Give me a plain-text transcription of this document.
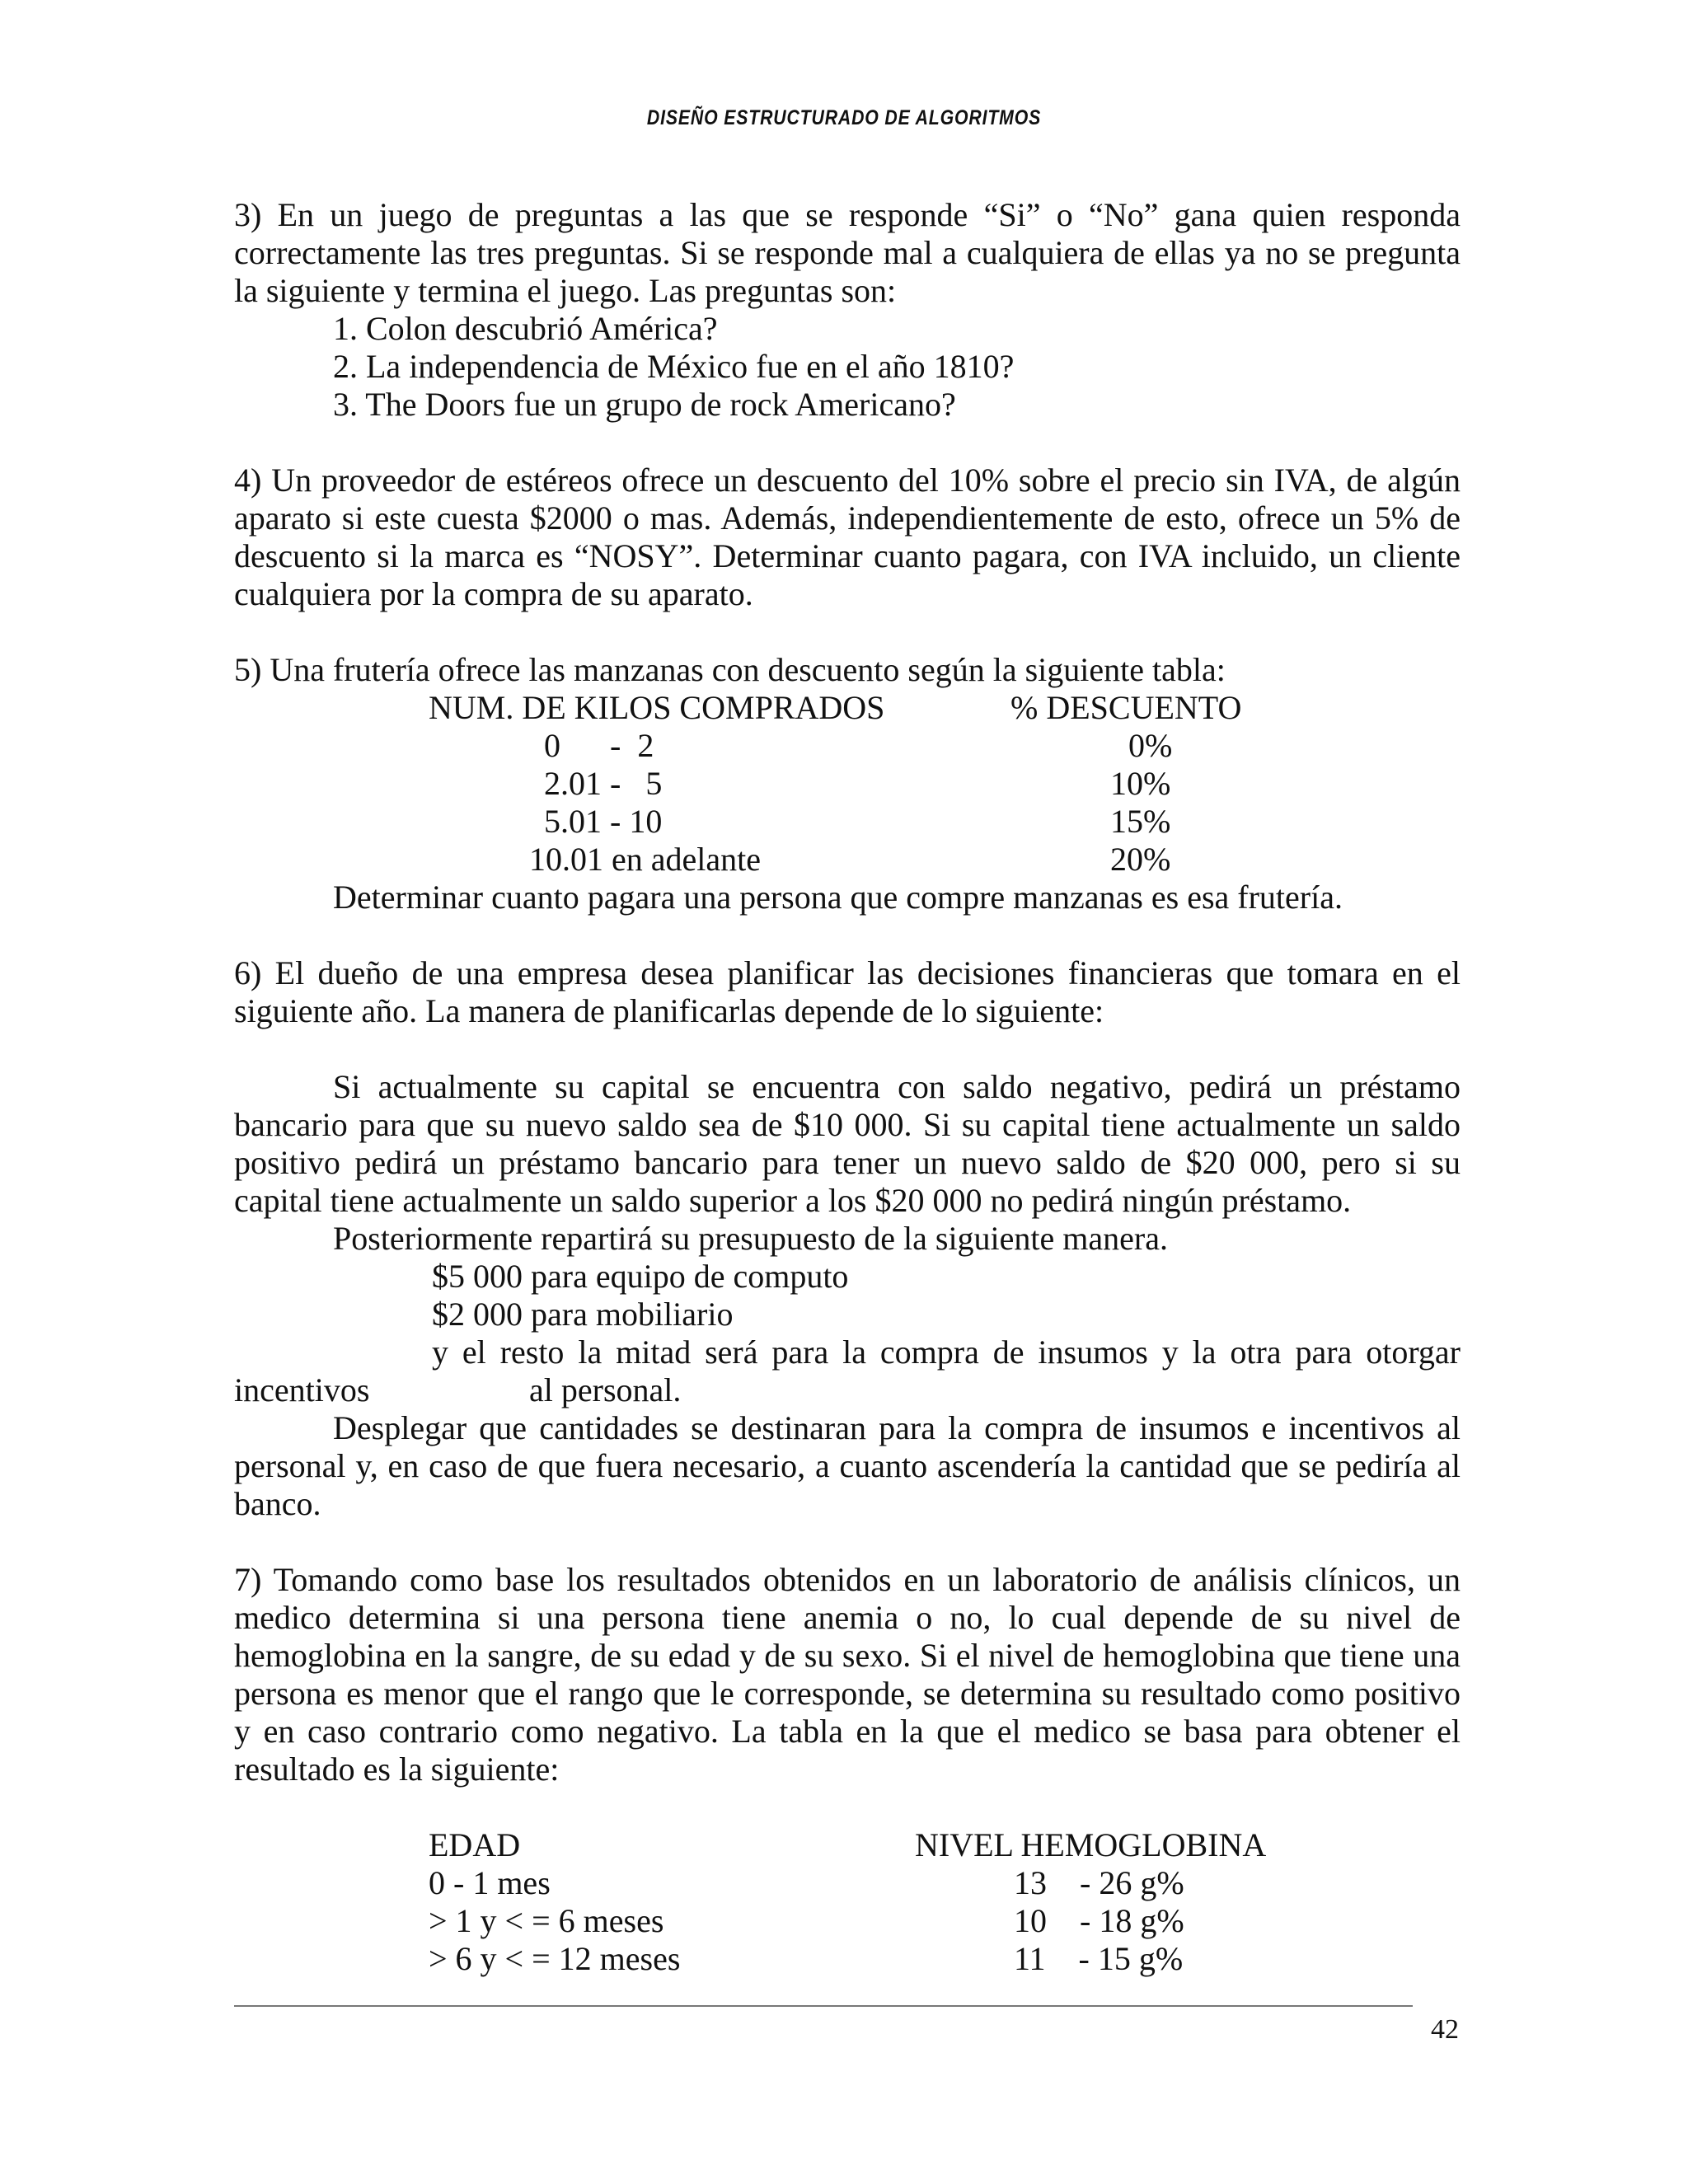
DISEÑO ESTRUCTURADO DE ALGORITMOS

3) En un juego de preguntas a las que se responde “Si” o “No” gana quien responda correctamente las tres preguntas. Si se responde mal a cualquiera de ellas ya no se pregunta la siguiente y termina el juego. Las preguntas son:

1. Colon descubrió América?

2. La independencia de México fue en el año 1810?

3. The Doors fue un grupo de rock Americano?

4) Un proveedor de estéreos ofrece un descuento del 10% sobre el precio sin IVA, de algún aparato si este cuesta $2000 o mas. Además, independientemente de esto, ofrece un 5% de descuento si la marca es “NOSY”. Determinar cuanto pagara, con IVA incluido, un cliente cualquiera por la compra de su aparato.

5) Una frutería ofrece las manzanas con descuento según la siguiente tabla:

NUM. DE KILOS COMPRADOS	% DESCUENTO
0      -  2	0%
2.01 -   5	10%
5.01 - 10	15%
10.01 en adelante	20%

Determinar cuanto pagara una persona que compre manzanas es esa frutería.

6) El dueño de una empresa desea planificar las decisiones financieras que tomara en el siguiente año. La manera de planificarlas depende de lo siguiente:

Si actualmente su capital se encuentra con saldo negativo, pedirá un préstamo bancario para que su nuevo saldo sea de $10 000. Si su capital tiene actualmente un saldo positivo pedirá un préstamo bancario para tener un nuevo saldo de $20 000, pero si su capital tiene actualmente un saldo superior a los $20 000 no pedirá ningún préstamo.

Posteriormente repartirá su presupuesto de la siguiente manera.

$5 000 para equipo de computo

$2 000 para mobiliario

y el resto la mitad será para la compra de insumos y la otra para otorgar

incentivos	al personal.

Desplegar que cantidades se destinaran para la compra de insumos e incentivos al personal y, en caso de que fuera necesario, a cuanto ascendería la cantidad que se pediría al banco.

7) Tomando como base los resultados obtenidos en un laboratorio de análisis clínicos, un medico determina si una persona tiene anemia o no, lo cual depende de su nivel de hemoglobina en la sangre, de su edad y de su sexo. Si el nivel de hemoglobina que tiene una persona es menor que el rango que le corresponde, se determina su resultado como positivo y en caso contrario como negativo. La tabla en la que el medico se basa para obtener el resultado es la siguiente:

EDAD	NIVEL HEMOGLOBINA
0 - 1 mes	13    - 26 g%
> 1 y < = 6 meses	10    - 18 g%
> 6 y < = 12 meses	11    - 15 g%
42
